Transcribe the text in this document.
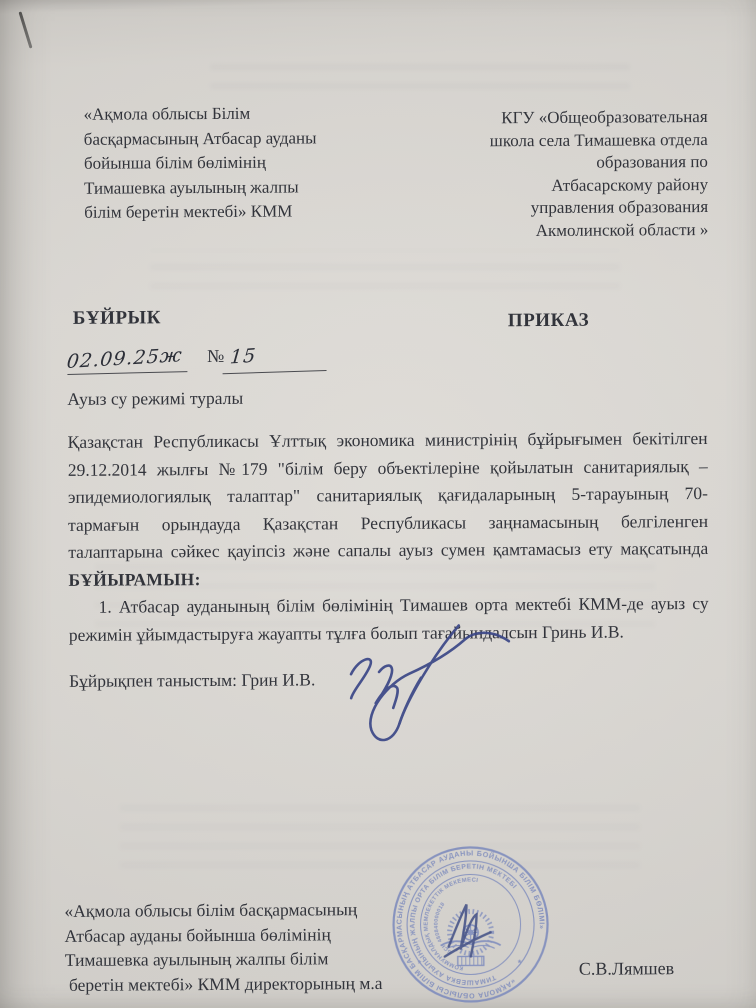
«Ақмола облысы Білім
басқармасының Атбасар ауданы
бойынша білім бөлімінің
Тимашевка ауылының жалпы
білім беретін мектебі» КММ
КГУ «Общеобразовательная
школа села Тимашевка отдела
образования по
Атбасарскому району
управления образования
Акмолинской области »
БҰЙРЫК	ПРИКАЗ
02.09.25ж № 15
Ауыз су режимі туралы
Қазақстан Республикасы Ұлттық экономика министрінің бұйрығымен бекітілген
29.12.2014 жылғы №179 "білім беру объектілеріне қойылатын санитариялық –
эпидемиологиялық талаптар" санитариялық қағидаларының 5-тарауының 70-
тармағын орындауда Қазақстан Республикасы заңнамасының белгіленген
талаптарына сәйкес қауіпсіз және сапалы ауыз сумен қамтамасыз ету мақсатында
БҰЙЫРАМЫН:
1. Атбасар ауданының білім бөлімінің Тимашев орта мектебі КММ-де ауыз су
режимін ұйымдастыруға жауапты тұлға болып тағайындалсын Гринь И.В.
Бұйрықпен таныстым: Грин И.В.
«Ақмола облысы білім басқармасының
Атбасар ауданы бойынша бөлімінің
Тимашевка ауылының жалпы білім
беретін мектебі» КММ директорының м.а
С.В.Лямшев
«АҚМОЛА ОБЛЫСЫ БІЛІМ БАСҚАРМАСЫНЫҢ АТБАСАР АУДАНЫ БОЙЫНША БІЛІМ БӨЛІМІ»
ТИМАШЕВКА АУЫЛЫНЫҢ ЖАЛПЫ ОРТА БІЛІМ БЕРЕТІН МЕКТЕБІ
КОММУНАЛДЫҚ МЕМЛЕКЕТТІК МЕКЕМЕСІ
БСН 480840000018
*	*
